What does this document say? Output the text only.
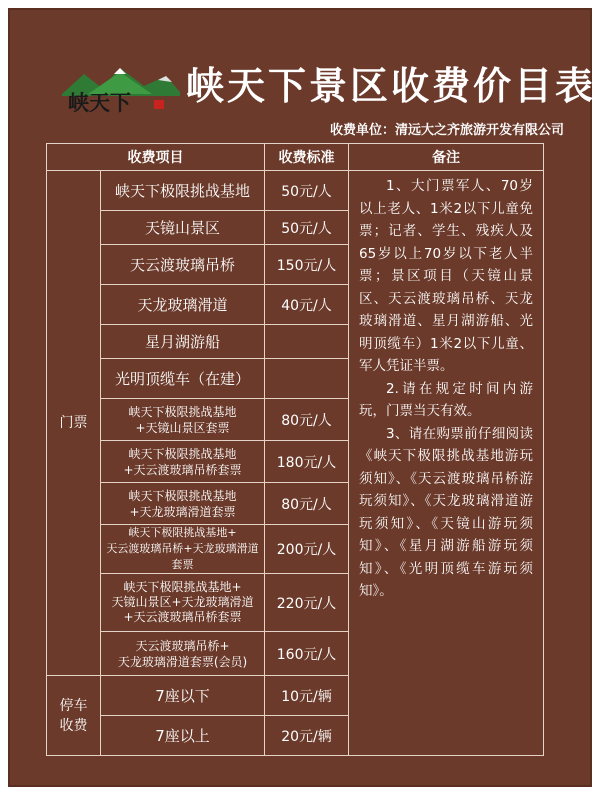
峡天下 峡天下景区收费价目表
收费单位：清远大之齐旅游开发有限公司
收费项目		收费标准	备注
门票	峡天下极限挑战基地	50元/人	1、大门票军人、70岁以上老人、1米2以下儿童免票；记者、学生、残疾人及65岁以上70岁以下老人半票；景区项目（天镜山景区、天云渡玻璃吊桥、天龙玻璃滑道、星月湖游船、光明顶缆车）1米2以下儿童、军人凭证半票。

2.请在规定时间内游玩，门票当天有效。

3、请在购票前仔细阅读《峡天下极限挑战基地游玩须知》、《天云渡玻璃吊桥游玩须知》、《天龙玻璃滑道游玩须知》、《天镜山游玩须知》、《星月湖游船游玩须知》、《光明顶缆车游玩须知》。

	天镜山景区	50元/人	
	天云渡玻璃吊桥	150元/人	
	天龙玻璃滑道	40元/人	
	星月湖游船		
	光明顶缆车（在建）		

	峡天下极限挑战基地
+天镜山景区套票	80元/人	

	峡天下极限挑战基地
+天云渡玻璃吊桥套票	180元/人	

	峡天下极限挑战基地
+天龙玻璃滑道套票	80元/人	

	峡天下极限挑战基地+
天云渡玻璃吊桥+天龙玻璃滑道套票	200元/人	

	峡天下极限挑战基地+
天镜山景区+天龙玻璃滑道
+天云渡玻璃吊桥套票	220元/人	

	天云渡玻璃吊桥+
天龙玻璃滑道套票(会员)	160元/人	

停车
收费	7座以下	10元/辆	
	7座以上	20元/辆	
